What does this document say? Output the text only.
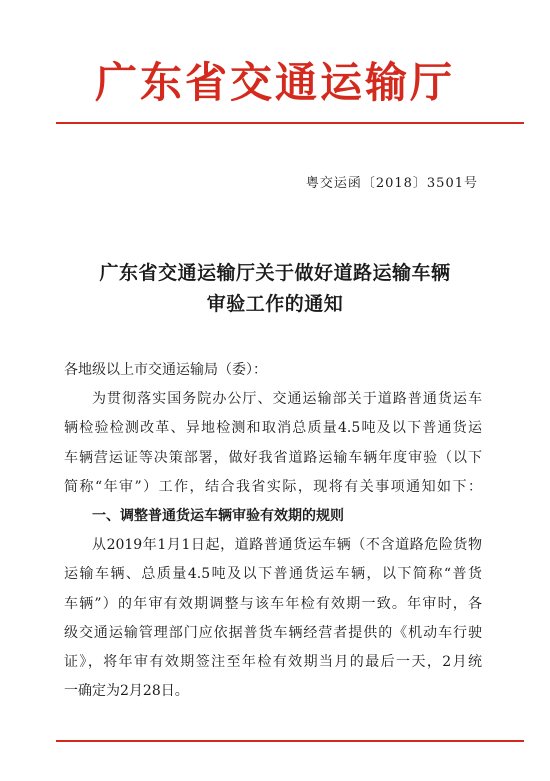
广东省交通运输厅
粤交运函〔2018〕3501号
广东省交通运输厅关于做好道路运输车辆
审验工作的通知

各地级以上市交通运输局（委）：

为贯彻落实国务院办公厅、交通运输部关于道路普通货运车

辆检验检测改革、异地检测和取消总质量4.5吨及以下普通货运

车辆营运证等决策部署，做好我省道路运输车辆年度审验（以下

简称“年审”）工作，结合我省实际，现将有关事项通知如下：

一、调整普通货运车辆审验有效期的规则

从2019年1月1日起，道路普通货运车辆（不含道路危险货物

运输车辆、总质量4.5吨及以下普通货运车辆，以下简称“普货

车辆”）的年审有效期调整与该车年检有效期一致。年审时，各

级交通运输管理部门应依据普货车辆经营者提供的《机动车行驶

证》，将年审有效期签注至年检有效期当月的最后一天，2月统

一确定为2月28日。
